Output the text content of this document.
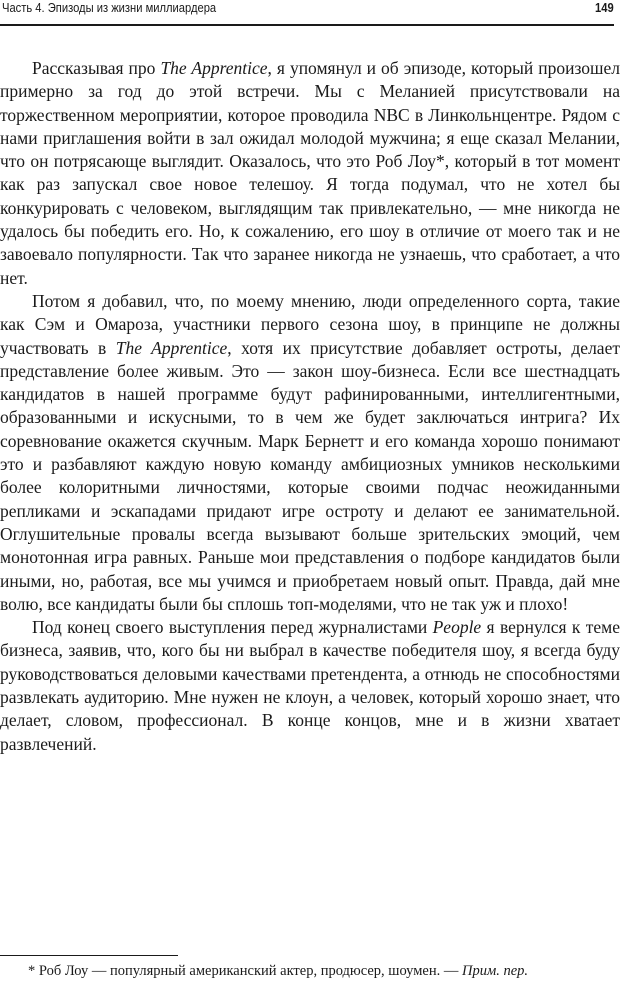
Часть 4. Эпизоды из жизни миллиардера	149

Рассказывая про The Apprentice, я упомянул и об эпизоде, который произошел примерно за год до этой встречи. Мы с Меланией присутствовали на торжественном мероприятии, которое проводила NBC в Линкольнцентре. Рядом с нами приглашения войти в зал ожидал молодой мужчина; я еще сказал Мелании, что он потрясающе выглядит. Оказалось, что это Роб Лоу*, который в тот момент как раз запускал свое новое телешоу. Я тогда подумал, что не хотел бы конкурировать с человеком, выглядящим так привлекательно, — мне никогда не удалось бы победить его. Но, к сожалению, его шоу в отличие от моего так и не завоевало популярности. Так что заранее никогда не узнаешь, что сработает, а что нет.

Потом я добавил, что, по моему мнению, люди определенного сорта, такие как Сэм и Омароза, участники первого сезона шоу, в принципе не должны участвовать в The Apprentice, хотя их присутствие добавляет остроты, делает представление более живым. Это — закон шоу-бизнеса. Если все шестнадцать кандидатов в нашей программе будут рафинированными, интеллигентными, образованными и искусными, то в чем же будет заключаться интрига? Их соревнование окажется скучным. Марк Бернетт и его команда хорошо понимают это и разбавляют каждую новую команду амбициозных умников несколькими более колоритными личностями, которые своими подчас неожиданными репликами и эскападами придают игре остроту и делают ее занимательной. Оглушительные провалы всегда вызывают больше зрительских эмоций, чем монотонная игра равных. Раньше мои представления о подборе кандидатов были иными, но, работая, все мы учимся и приобретаем новый опыт. Правда, дай мне волю, все кандидаты были бы сплошь топ-моделями, что не так уж и плохо!

Под конец своего выступления перед журналистами People я вернулся к теме бизнеса, заявив, что, кого бы ни выбрал в качестве победителя шоу, я всегда буду руководствоваться деловыми качествами претендента, а отнюдь не способностями развлекать аудиторию. Мне нужен не клоун, а человек, который хорошо знает, что делает, словом, профессионал. В конце концов, мне и в жизни хватает развлечений.

* Роб Лоу — популярный американский актер, продюсер, шоумен. — Прим. пер.
